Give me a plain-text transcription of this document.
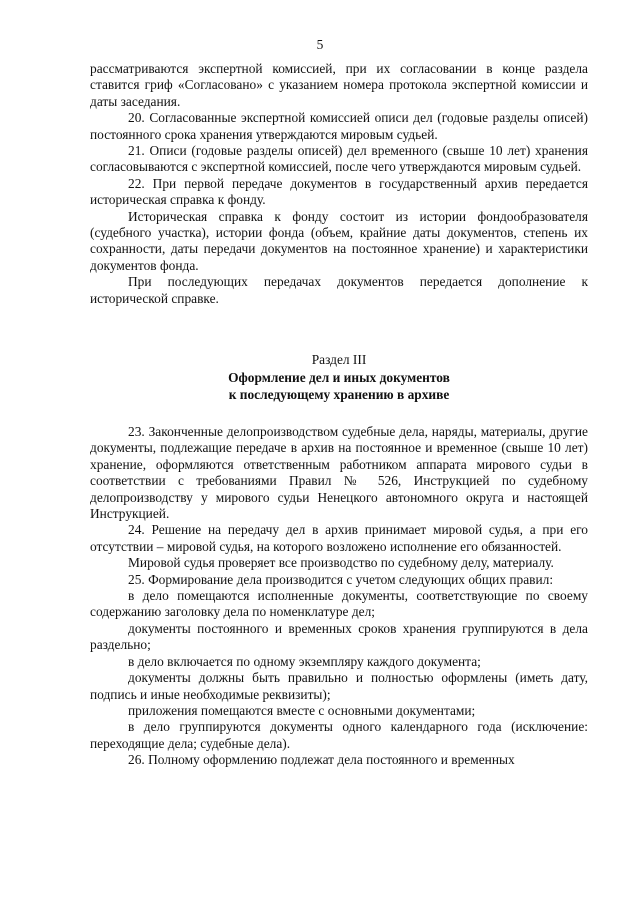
5

рассматриваются экспертной комиссией, при их согласовании в конце раздела ставится гриф «Согласовано» с указанием номера протокола экспертной комиссии и даты заседания.

20. Согласованные экспертной комиссией описи дел (годовые разделы описей) постоянного срока хранения утверждаются мировым судьей.

21. Описи (годовые разделы описей) дел временного (свыше 10 лет) хранения согласовываются с экспертной комиссией, после чего утверждаются мировым судьей.

22. При первой передаче документов в государственный архив передается историческая справка к фонду.

Историческая справка к фонду состоит из истории фондообразователя (судебного участка), истории фонда (объем, крайние даты документов, степень их сохранности, даты передачи документов на постоянное хранение) и характеристики документов фонда.

При последующих передачах документов передается дополнение к исторической справке.

Раздел III
Оформление дел и иных документов
к последующему хранению в архиве

23. Законченные делопроизводством судебные дела, наряды, материалы, другие документы, подлежащие передаче в архив на постоянное и временное (свыше 10 лет) хранение, оформляются ответственным работником аппарата мирового судьи в соответствии с требованиями Правил № 526, Инструкцией по судебному делопроизводству у мирового судьи Ненецкого автономного округа и настоящей Инструкцией.

24. Решение на передачу дел в архив принимает мировой судья, а при его отсутствии – мировой судья, на которого возложено исполнение его обязанностей.

Мировой судья проверяет все производство по судебному делу, материалу.

25. Формирование дела производится с учетом следующих общих правил:

в дело помещаются исполненные документы, соответствующие по своему содержанию заголовку дела по номенклатуре дел;

документы постоянного и временных сроков хранения группируются в дела раздельно;

в дело включается по одному экземпляру каждого документа;

документы должны быть правильно и полностью оформлены (иметь дату, подпись и иные необходимые реквизиты);

приложения помещаются вместе с основными документами;

в дело группируются документы одного календарного года (исключение: переходящие дела; судебные дела).

26. Полному оформлению подлежат дела постоянного и временных
